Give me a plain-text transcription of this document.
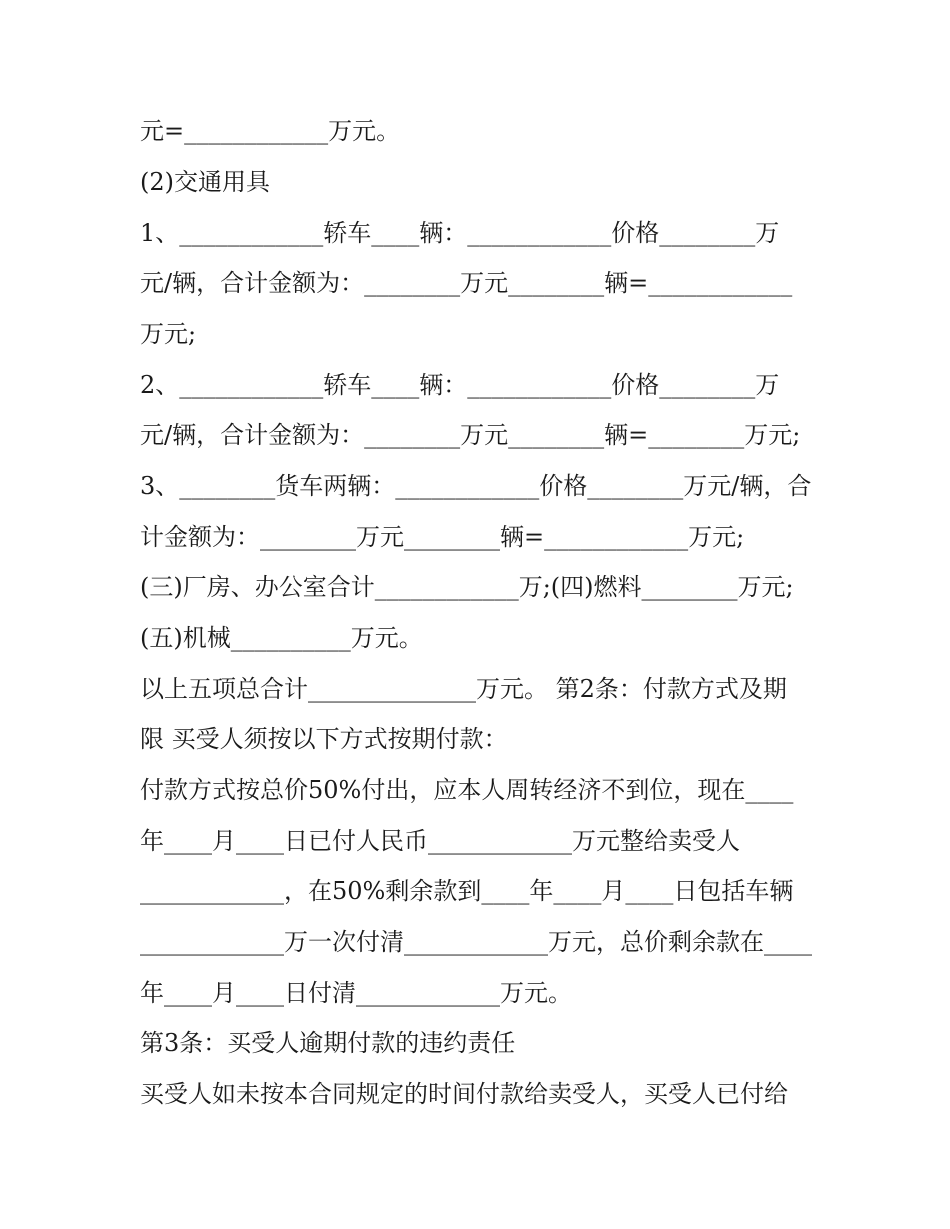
元=____________万元。

(2)交通用具

1、____________轿车____辆：____________价格________万

元/辆，合计金额为：________万元________辆=____________

万元;

2、____________轿车____辆：____________价格________万

元/辆，合计金额为：________万元________辆=________万元;

3、________货车两辆：____________价格________万元/辆，合

计金额为：________万元________辆=____________万元;

(三)厂房、办公室合计____________万;(四)燃料________万元;

(五)机械__________万元。

以上五项总合计______________万元。 第2条：付款方式及期

限 买受人须按以下方式按期付款：

付款方式按总价50%付出，应本人周转经济不到位，现在____

年____月____日已付人民币____________万元整给卖受人

____________，在50%剩余款到____年____月____日包括车辆

____________万一次付清____________万元，总价剩余款在____

年____月____日付清____________万元。

第3条：买受人逾期付款的违约责任

买受人如未按本合同规定的时间付款给卖受人，买受人已付给
